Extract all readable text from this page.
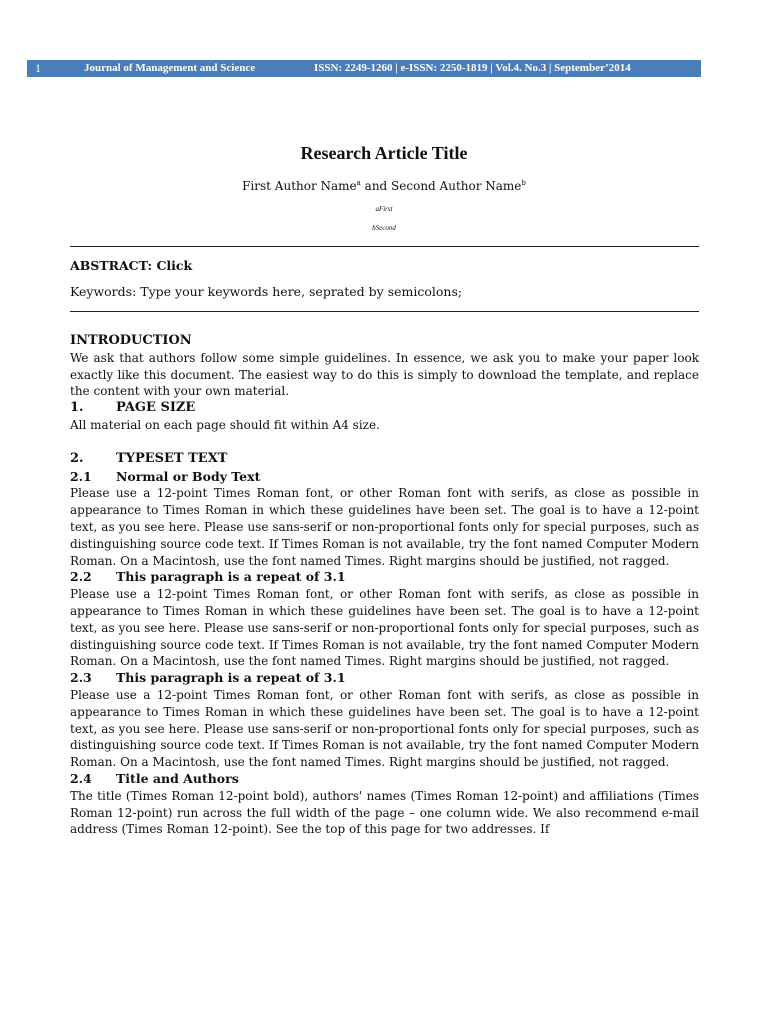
1	Journal of Management and Science	ISSN: 2249-1260 | e-ISSN: 2250-1819 | Vol.4. No.3 | September’2014
Research Article Title
First Author Name$^a$ and Second Author Name$^b$
aFirst
bSecond
ABSTRACT: Click
Keywords: Type your keywords here, seprated by semicolons;

INTRODUCTION

We ask that authors follow some simple guidelines. In essence, we ask you to make your paper look exactly like this document. The easiest way to do this is simply to download the template, and replace the content with your own material.

1. PAGE SIZE

All material on each page should fit within A4 size.

2. TYPESET TEXT

2.1 Normal or Body Text

Please use a 12-point Times Roman font, or other Roman font with serifs, as close as possible in appearance to Times Roman in which these guidelines have been set. The goal is to have a 12-point text, as you see here. Please use sans-serif or non-proportional fonts only for special purposes, such as distinguishing source code text. If Times Roman is not available, try the font named Computer Modern Roman. On a Macintosh, use the font named Times. Right margins should be justified, not ragged.

2.2 This paragraph is a repeat of 3.1

Please use a 12-point Times Roman font, or other Roman font with serifs, as close as possible in appearance to Times Roman in which these guidelines have been set. The goal is to have a 12-point text, as you see here. Please use sans-serif or non-proportional fonts only for special purposes, such as distinguishing source code text. If Times Roman is not available, try the font named Computer Modern Roman. On a Macintosh, use the font named Times. Right margins should be justified, not ragged.

2.3 This paragraph is a repeat of 3.1

Please use a 12-point Times Roman font, or other Roman font with serifs, as close as possible in appearance to Times Roman in which these guidelines have been set. The goal is to have a 12-point text, as you see here. Please use sans-serif or non-proportional fonts only for special purposes, such as distinguishing source code text. If Times Roman is not available, try the font named Computer Modern Roman. On a Macintosh, use the font named Times. Right margins should be justified, not ragged.

2.4 Title and Authors

The title (Times Roman 12-point bold), authors' names (Times Roman 12-point) and affiliations (Times Roman 12-point) run across the full width of the page – one column wide. We also recommend e-mail address (Times Roman 12-point). See the top of this page for two addresses. If
